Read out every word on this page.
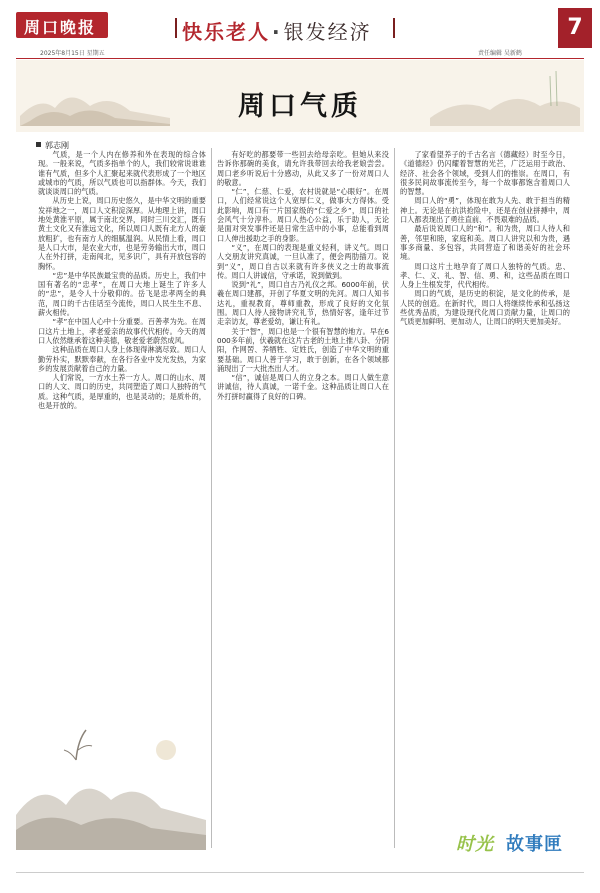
周口晚报	快乐老人 · 银发经济	7
2025年8月15日 星期五	责任编辑 吴新鹤
周口气质
郭志刚

气质，是一个人内在修养和外在表现的综合体现。一般来说，气质多指单个的人，我们较常说谁谁谁有气质，但多个人汇聚起来就代表形成了一个地区或城市的气质，所以气质也可以指群体。今天，我们就谈谈周口的气质。

从历史上说，周口历史悠久，是中华文明的重要发祥地之一，周口人文积淀深厚。从地理上讲，周口地处黄淮平原，属于南北交界，同时三川交汇，既有黄土文化又有淮远文化，所以周口人既有北方人的豪放粗犷，也有南方人的细腻温润。从民情上看，周口是人口大市，是农业大市，也是劳务输出大市，周口人在外打拼，走南闯北，见多识广，具有开放包容的胸怀。

“忠”是中华民族最宝贵的品质。历史上，我们中国有著名的“忠孝”，在周口大地上诞生了许多人的“忠”，是令人十分敬仰的。岳飞是忠孝两全的典范，周口的千古佳话至今流传，周口人民生生不息、薪火相传。

“孝”在中国人心中十分重要。百善孝为先。在周口这片土地上，孝老爱亲的故事代代相传。今天的周口人依然继承着这种美德，敬老爱老蔚然成风。

这种品质在周口人身上体现得淋漓尽致。周口人勤劳朴实，默默奉献，在各行各业中发光发热，为家乡的发展贡献着自己的力量。

人们常说，一方水土养一方人。周口的山水、周口的人文、周口的历史，共同塑造了周口人独特的气质。这种气质，是厚重的，也是灵动的；是质朴的，也是开放的。

有好吃的都要带一些回去给母亲吃。但她从来没告诉你那碗的美食，请允许我带回去给我老娘尝尝。周口老乡听说后十分感动，从此又多了一份对周口人的敬意。

“仁”，仁慈、仁爱，农村说就是“心眼好”。在周口，人们经常说这个人宽厚仁义，做事大方得体。受此影响，周口有一片国家级的“仁爱之乡”，周口的社会风气十分淳朴。周口人热心公益，乐于助人，无论是面对突发事件还是日常生活中的小事，总能看到周口人伸出援助之手的身影。

“义”，在周口的表现是重义轻利，讲义气。周口人交朋友讲究真诚，一旦认准了，便会两肋插刀。说到“义”，周口自古以来就有许多侠义之士的故事流传。周口人讲诚信，守承诺，说到做到。

说到“礼”，周口自古乃礼仪之邦。6000年前，伏羲在周口建都，开创了华夏文明的先河。周口人知书达礼，重视教育，尊师重教，形成了良好的文化氛围。周口人待人接物讲究礼节，热情好客，逢年过节走亲访友，尊老爱幼，谦让有礼。

关于“智”，周口也是一个很有智慧的地方。早在6000多年前，伏羲就在这片古老的土地上推八卦、分阴阳，作网罟、养牺牲、定姓氏，创造了中华文明的重要基础。周口人善于学习，敢于创新，在各个领域都涌现出了一大批杰出人才。

“信”，诚信是周口人的立身之本。周口人做生意讲诚信，待人真诚，一诺千金。这种品质让周口人在外打拼时赢得了良好的口碑。

了家看望养子的千古名言（德藏经）时至今日，《道德经》仍闪耀着智慧的光芒，广泛运用于政治、经济、社会各个领域，受到人们的推崇。在周口，有很多民间故事流传至今，每一个故事都饱含着周口人的智慧。

周口人的“勇”，体现在敢为人先、敢于担当的精神上。无论是在抗洪抢险中，还是在创业拼搏中，周口人都表现出了勇往直前、不畏艰难的品质。

最后说说周口人的“和”。和为贵，周口人待人和善，邻里和睦，家庭和美。周口人讲究以和为贵，遇事多商量、多包容，共同营造了和谐美好的社会环境。

周口这片土地孕育了周口人独特的气质。忠、孝、仁、义、礼、智、信、勇、和，这些品质在周口人身上生根发芽，代代相传。

周口的气质，是历史的积淀，是文化的传承，是人民的创造。在新时代，周口人将继续传承和弘扬这些优秀品质，为建设现代化周口贡献力量，让周口的气质更加鲜明、更加动人，让周口的明天更加美好。

时光 故事匣
